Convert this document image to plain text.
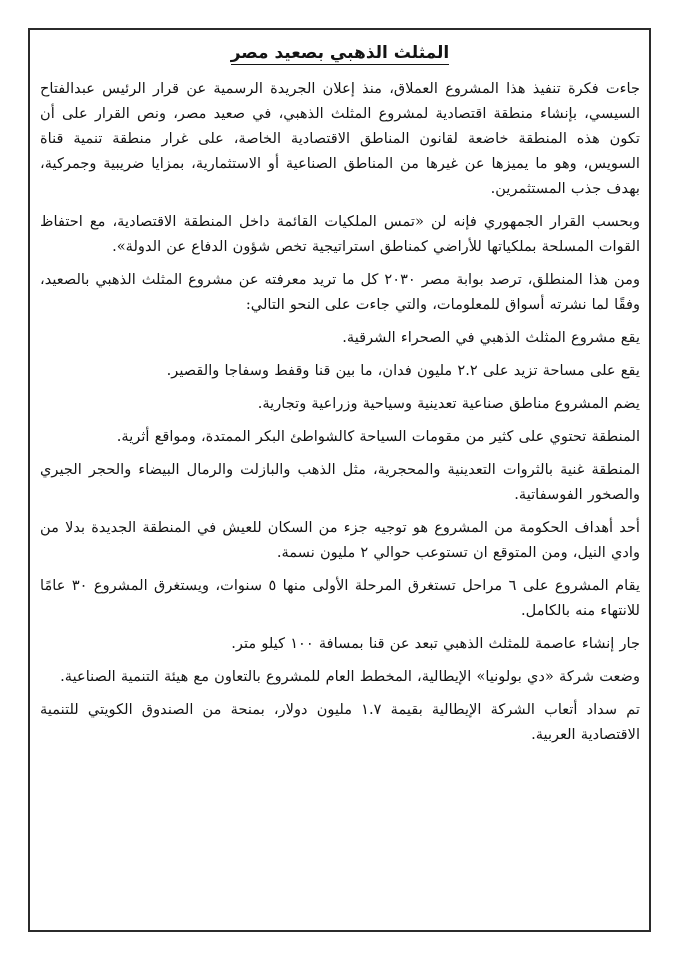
المثلث الذهبي بصعيد مصر

جاءت فكرة تنفيذ هذا المشروع العملاق، منذ إعلان الجريدة الرسمية عن قرار الرئيس عبدالفتاح السيسي، بإنشاء منطقة اقتصادية لمشروع المثلث الذهبي، في صعيد مصر، ونص القرار على أن تكون هذه المنطقة خاضعة لقانون المناطق الاقتصادية الخاصة، على غرار منطقة تنمية قناة السويس، وهو ما يميزها عن غيرها من المناطق الصناعية أو الاستثمارية، بمزايا ضريبية وجمركية، بهدف جذب المستثمرين.

وبحسب القرار الجمهوري فإنه لن «تمس الملكيات القائمة داخل المنطقة الاقتصادية، مع احتفاظ القوات المسلحة بملكياتها للأراضي كمناطق استراتيجية تخص شؤون الدفاع عن الدولة».

ومن هذا المنطلق، ترصد بوابة مصر ٢٠٣٠ كل ما تريد معرفته عن مشروع المثلث الذهبي بالصعيد، وفقًا لما نشرته أسواق للمعلومات، والتي جاءت على النحو التالي:

يقع مشروع المثلث الذهبي في الصحراء الشرقية.

يقع على مساحة تزيد على ٢.٢ مليون فدان، ما بين قنا وقفط وسفاجا والقصير.

يضم المشروع مناطق صناعية تعدينية وسياحية وزراعية وتجارية.

المنطقة تحتوي على كثير من مقومات السياحة كالشواطئ البكر الممتدة، ومواقع أثرية.

المنطقة غنية بالثروات التعدينية والمحجرية، مثل الذهب والبازلت والرمال البيضاء والحجر الجيري والصخور الفوسفاتية.

أحد أهداف الحكومة من المشروع هو توجيه جزء من السكان للعيش في المنطقة الجديدة بدلا من وادي النيل، ومن المتوقع ان تستوعب حوالي ٢ مليون نسمة.

يقام المشروع على ٦ مراحل تستغرق المرحلة الأولى منها ٥ سنوات، ويستغرق المشروع ٣٠ عامًا للانتهاء منه بالكامل.

جار إنشاء عاصمة للمثلث الذهبي تبعد عن قنا بمسافة ١٠٠ كيلو متر.

وضعت شركة «دي بولونيا» الإيطالية، المخطط العام للمشروع بالتعاون مع هيئة التنمية الصناعية.

تم سداد أتعاب الشركة الإيطالية بقيمة ١.٧ مليون دولار، بمنحة من الصندوق الكويتي للتنمية الاقتصادية العربية.
